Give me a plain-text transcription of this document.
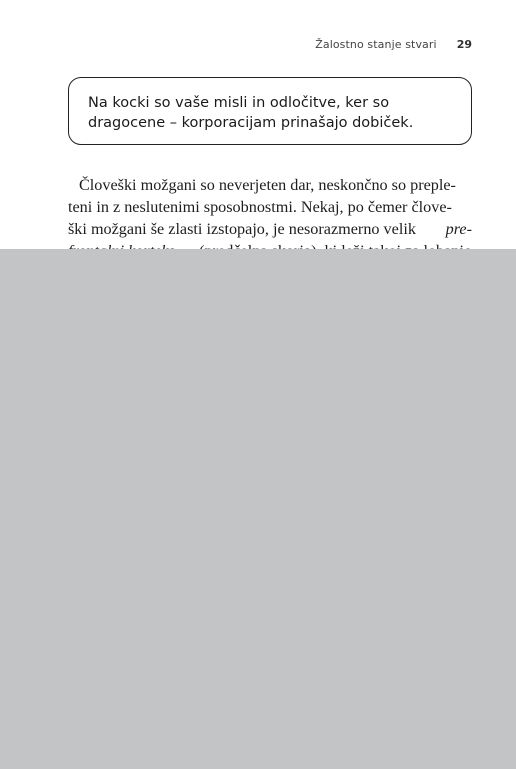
Žalostno stanje stvari 29
Na kocki so vaše misli in odločitve, ker so
dragocene – korporacijam prinašajo dobiček.
Človeški možgani so neverjeten dar, neskončno so preple-
teni in z neslutenimi sposobnostmi. Nekaj, po čemer člove-
ški možgani še zlasti izstopajo, je nesorazmerno velik pre-
